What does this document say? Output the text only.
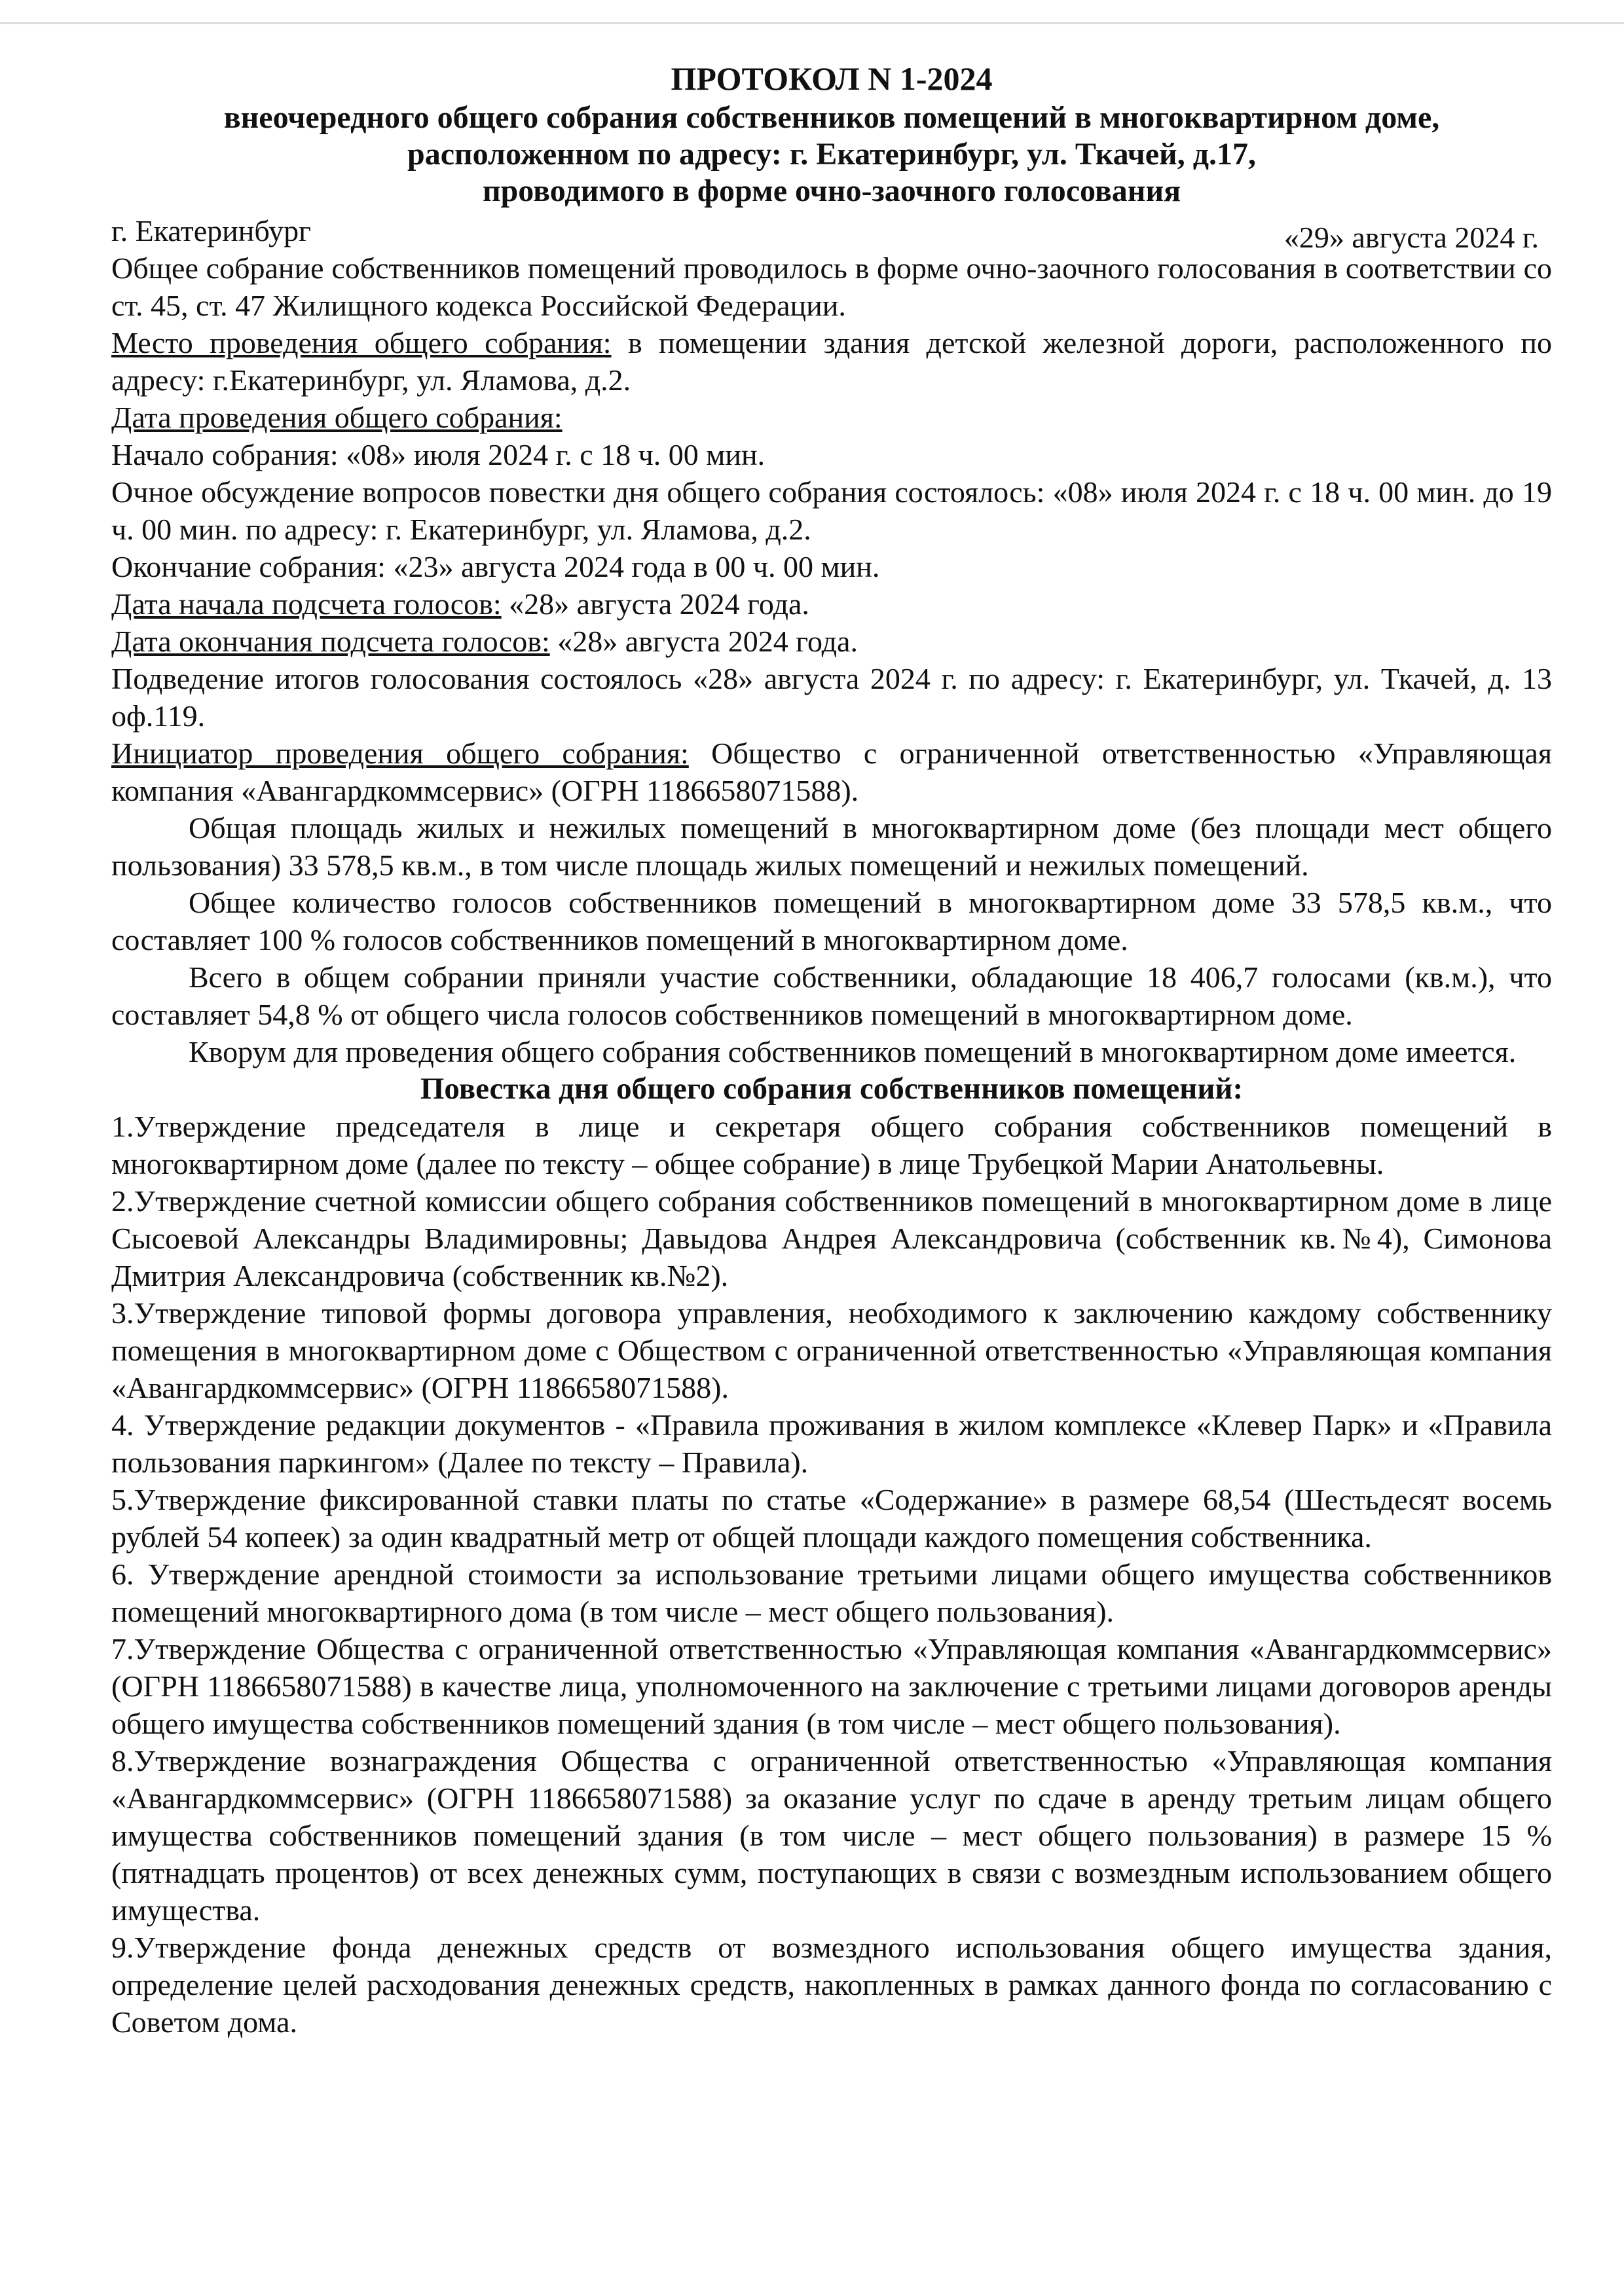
ПРОТОКОЛ N 1-2024
внеочередного общего собрания собственников помещений в многоквартирном доме,
расположенном по адресу: г. Екатеринбург, ул. Ткачей, д.17,
проводимого в форме очно-заочного голосования
г. Екатеринбург	«29» августа 2024 г.

Общее собрание собственников помещений проводилось в форме очно-заочного голосования в соответствии со ст. 45, ст. 47 Жилищного кодекса Российской Федерации.

Место проведения общего собрания: в помещении здания детской железной дороги, расположенного по адресу: г.Екатеринбург, ул. Яламова, д.2.

Дата проведения общего собрания:

Начало собрания: «08» июля 2024 г. с 18 ч. 00 мин.

Очное обсуждение вопросов повестки дня общего собрания состоялось: «08» июля 2024 г. с 18 ч. 00 мин. до 19 ч. 00 мин. по адресу: г. Екатеринбург, ул. Яламова, д.2.

Окончание собрания: «23» августа 2024 года в 00 ч. 00 мин.

Дата начала подсчета голосов: «28» августа 2024 года.

Дата окончания подсчета голосов: «28» августа 2024 года.

Подведение итогов голосования состоялось «28» августа 2024 г. по адресу: г. Екатеринбург, ул. Ткачей, д. 13 оф.119.

Инициатор проведения общего собрания: Общество с ограниченной ответственностью «Управляющая компания «Авангардкоммсервис» (ОГРН 1186658071588).

Общая площадь жилых и нежилых помещений в многоквартирном доме (без площади мест общего пользования) 33 578,5 кв.м., в том числе площадь жилых помещений и нежилых помещений.

Общее количество голосов собственников помещений в многоквартирном доме 33 578,5 кв.м., что составляет 100 % голосов собственников помещений в многоквартирном доме.

Всего в общем собрании приняли участие собственники, обладающие 18 406,7 голосами (кв.м.), что составляет 54,8 % от общего числа голосов собственников помещений в многоквартирном доме.

Кворум для проведения общего собрания собственников помещений в многоквартирном доме имеется.

Повестка дня общего собрания собственников помещений:

1.Утверждение председателя в лице и секретаря общего собрания собственников помещений в многоквартирном доме (далее по тексту – общее собрание) в лице Трубецкой Марии Анатольевны.

2.Утверждение счетной комиссии общего собрания собственников помещений в многоквартирном доме в лице Сысоевой Александры Владимировны; Давыдова Андрея Александровича (собственник кв.№4), Симонова Дмитрия Александровича (собственник кв.№2).

3.Утверждение типовой формы договора управления, необходимого к заключению каждому собственнику помещения в многоквартирном доме с Обществом с ограниченной ответственностью «Управляющая компания «Авангардкоммсервис» (ОГРН 1186658071588).

4. Утверждение редакции документов - «Правила проживания в жилом комплексе «Клевер Парк» и «Правила пользования паркингом» (Далее по тексту – Правила).

5.Утверждение фиксированной ставки платы по статье «Содержание» в размере 68,54 (Шестьдесят восемь рублей 54 копеек) за один квадратный метр от общей площади каждого помещения собственника.

6. Утверждение арендной стоимости за использование третьими лицами общего имущества собственников помещений многоквартирного дома (в том числе – мест общего пользования).

7.Утверждение Общества с ограниченной ответственностью «Управляющая компания «Авангардкоммсервис» (ОГРН 1186658071588) в качестве лица, уполномоченного на заключение с третьими лицами договоров аренды общего имущества собственников помещений здания (в том числе – мест общего пользования).

8.Утверждение вознаграждения Общества с ограниченной ответственностью «Управляющая компания «Авангардкоммсервис» (ОГРН 1186658071588) за оказание услуг по сдаче в аренду третьим лицам общего имущества собственников помещений здания (в том числе – мест общего пользования) в размере 15 % (пятнадцать процентов) от всех денежных сумм, поступающих в связи с возмездным использованием общего имущества.

9.Утверждение фонда денежных средств от возмездного использования общего имущества здания, определение целей расходования денежных средств, накопленных в рамках данного фонда по согласованию с Советом дома.
